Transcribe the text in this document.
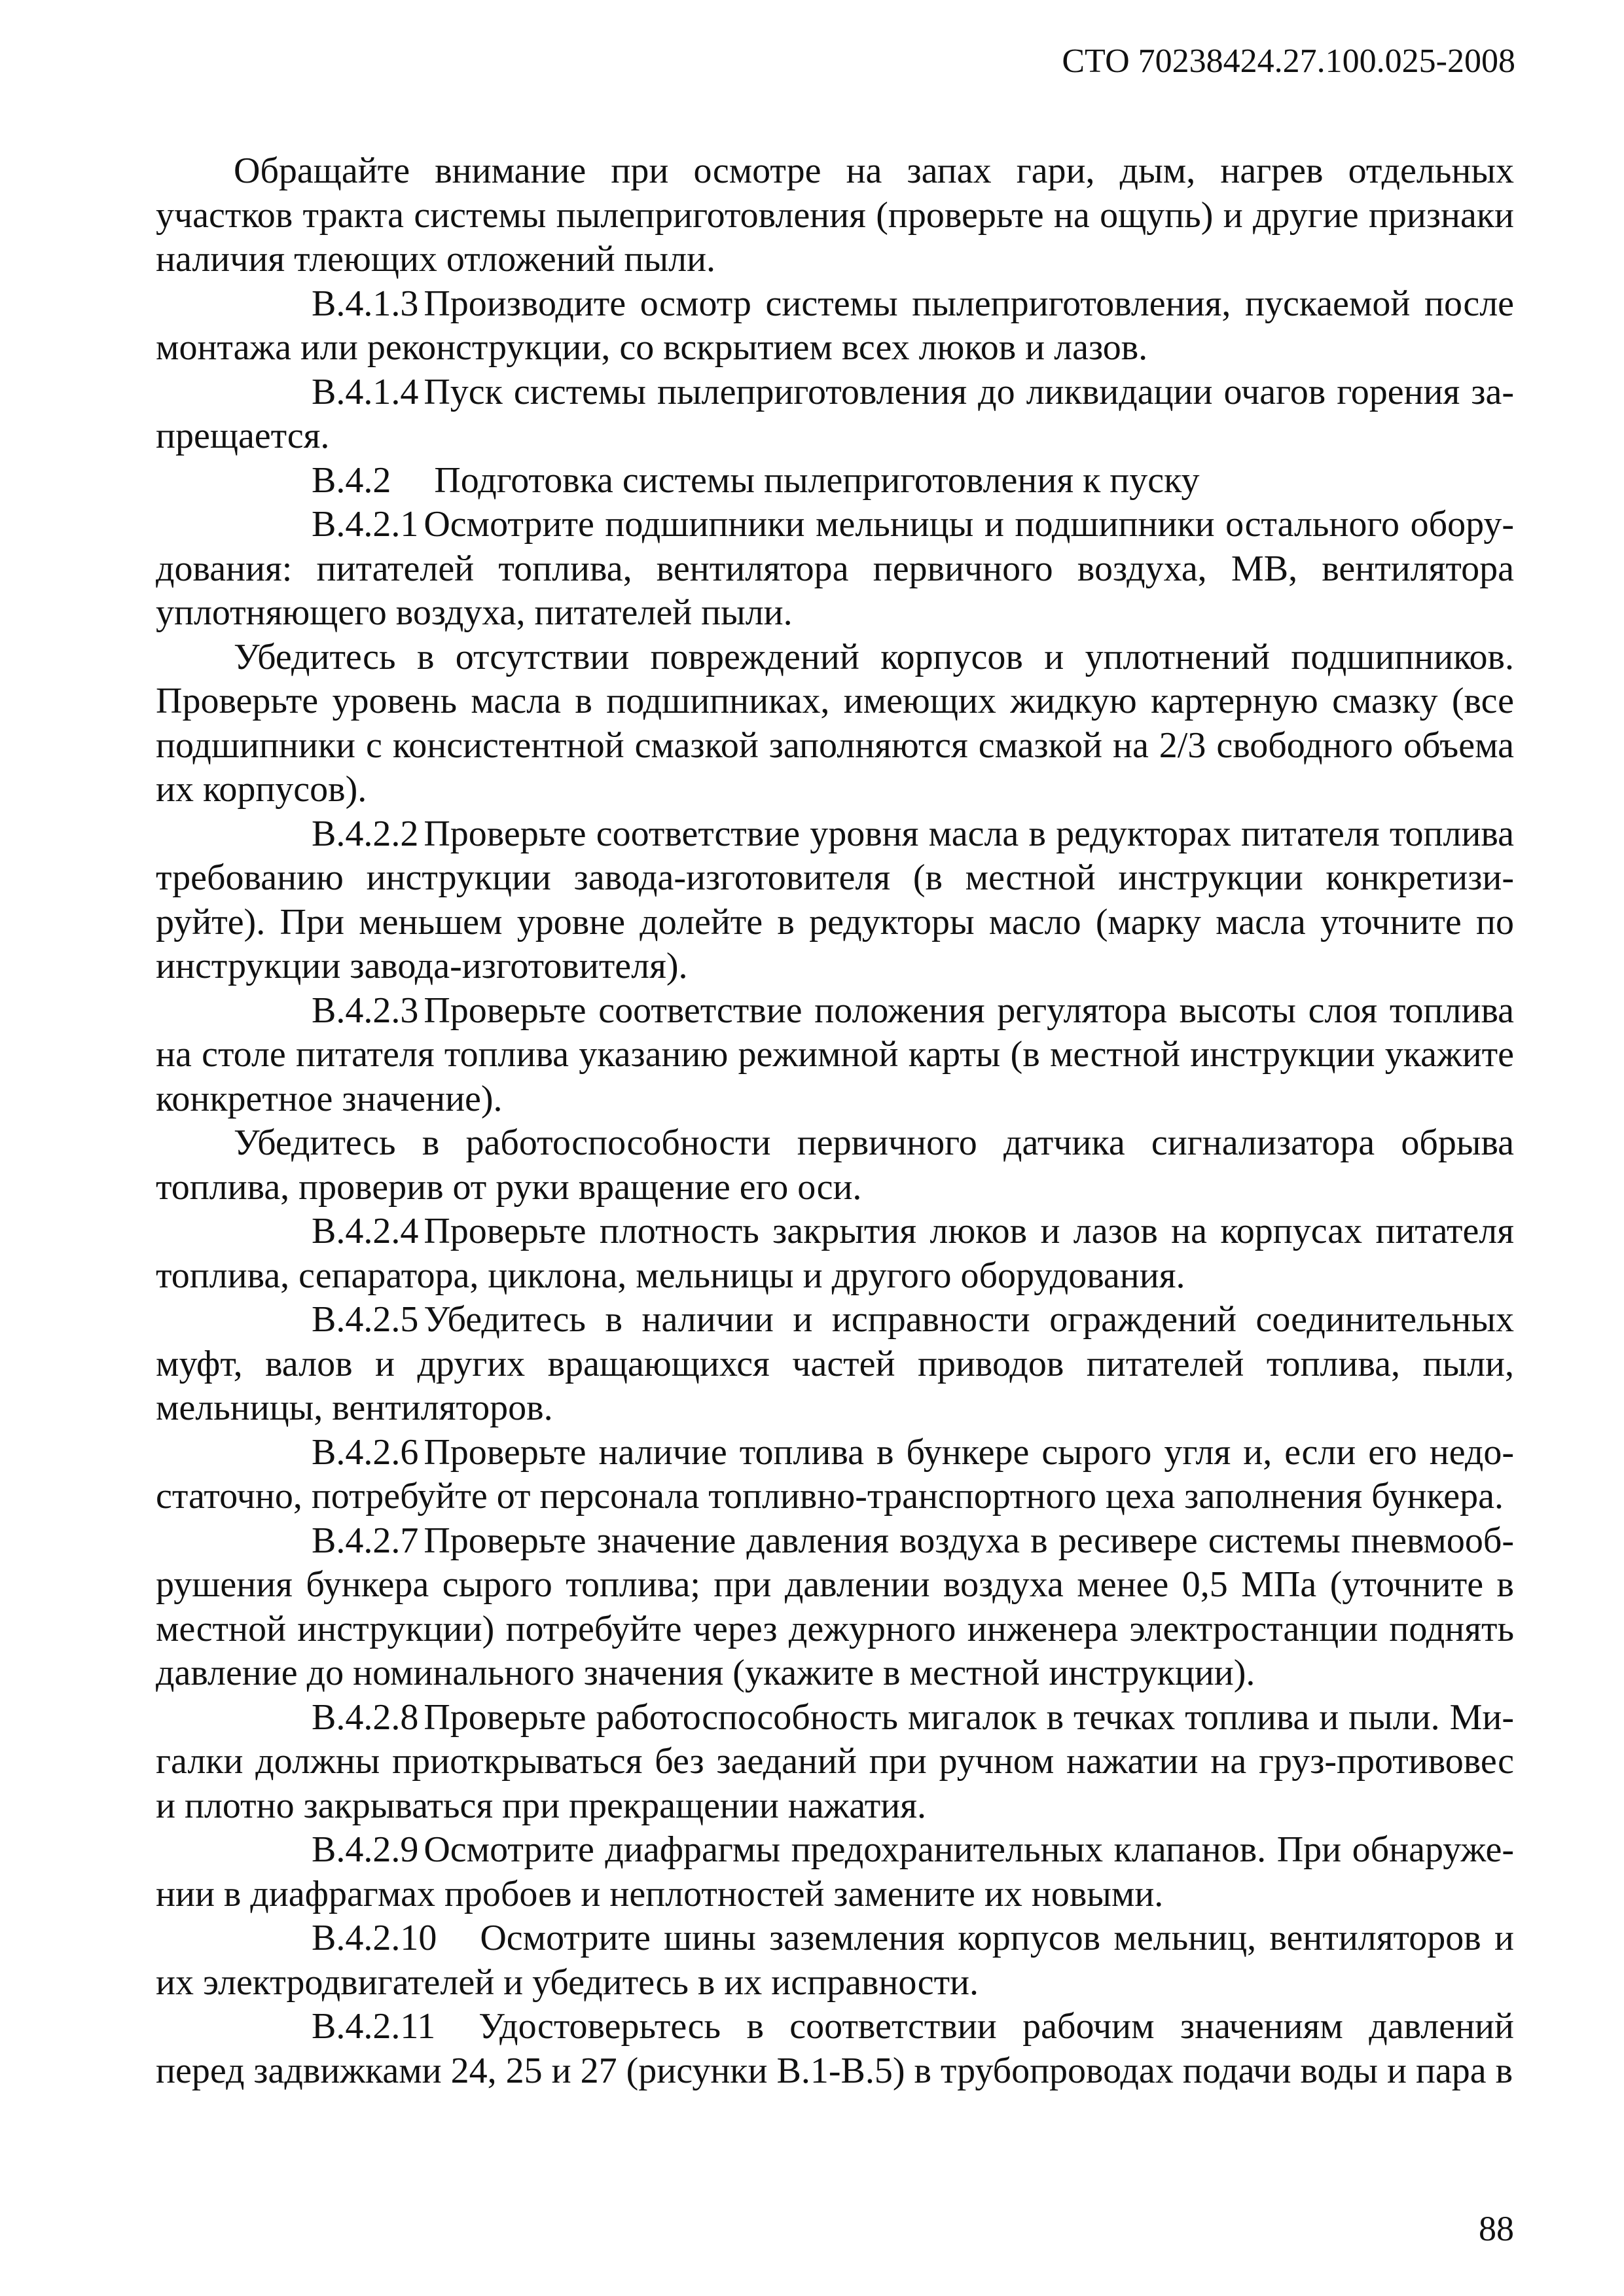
СТО 70238424.27.100.025-2008

Обращайте внимание при осмотре на запах гари, дым, нагрев отдельных участков тракта системы пылеприготовления (проверьте на ощупь) и другие признаки наличия тлеющих отложений пыли.

В.4.1.3 Производите осмотр системы пылеприготовления, пускаемой после монтажа или реконструкции, со вскрытием всех люков и лазов.

В.4.1.4 Пуск системы пылеприготовления до ликвидации очагов горения запрещается.

В.4.2 Подготовка системы пылеприготовления к пуску

В.4.2.1 Осмотрите подшипники мельницы и подшипники остального оборудования: питателей топлива, вентилятора первичного воздуха, МВ, вентилятора уплотняющего воздуха, питателей пыли.

Убедитесь в отсутствии повреждений корпусов и уплотнений подшипников. Проверьте уровень масла в подшипниках, имеющих жидкую картерную смазку (все подшипники с консистентной смазкой заполняются смазкой на 2/3 свободного объема их корпусов).

В.4.2.2 Проверьте соответствие уровня масла в редукторах питателя топлива требованию инструкции завода-изготовителя (в местной инструкции конкретизируйте). При меньшем уровне долейте в редукторы масло (марку масла уточните по инструкции завода-изготовителя).

В.4.2.3 Проверьте соответствие положения регулятора высоты слоя топлива на столе питателя топлива указанию режимной карты (в местной инструкции укажите конкретное значение).

Убедитесь в работоспособности первичного датчика сигнализатора обрыва топлива, проверив от руки вращение его оси.

В.4.2.4 Проверьте плотность закрытия люков и лазов на корпусах питателя топлива, сепаратора, циклона, мельницы и другого оборудования.

В.4.2.5 Убедитесь в наличии и исправности ограждений соединительных муфт, валов и других вращающихся частей приводов питателей топлива, пыли, мельницы, вентиляторов.

В.4.2.6 Проверьте наличие топлива в бункере сырого угля и, если его недостаточно, потребуйте от персонала топливно-транспортного цеха заполнения бункера.

В.4.2.7 Проверьте значение давления воздуха в ресивере системы пневмообрушения бункера сырого топлива; при давлении воздуха менее 0,5 МПа (уточните в местной инструкции) потребуйте через дежурного инженера электростанции поднять давление до номинального значения (укажите в местной инструкции).

В.4.2.8 Проверьте работоспособность мигалок в течках топлива и пыли. Мигалки должны приоткрываться без заеданий при ручном нажатии на груз-противовес и плотно закрываться при прекращении нажатия.

В.4.2.9 Осмотрите диафрагмы предохранительных клапанов. При обнаружении в диафрагмах пробоев и неплотностей замените их новыми.

В.4.2.10 Осмотрите шины заземления корпусов мельниц, вентиляторов и их электродвигателей и убедитесь в их исправности.

В.4.2.11 Удостоверьтесь в соответствии рабочим значениям давлений перед задвижками 24, 25 и 27 (рисунки В.1-В.5) в трубопроводах подачи воды и пара в

88
